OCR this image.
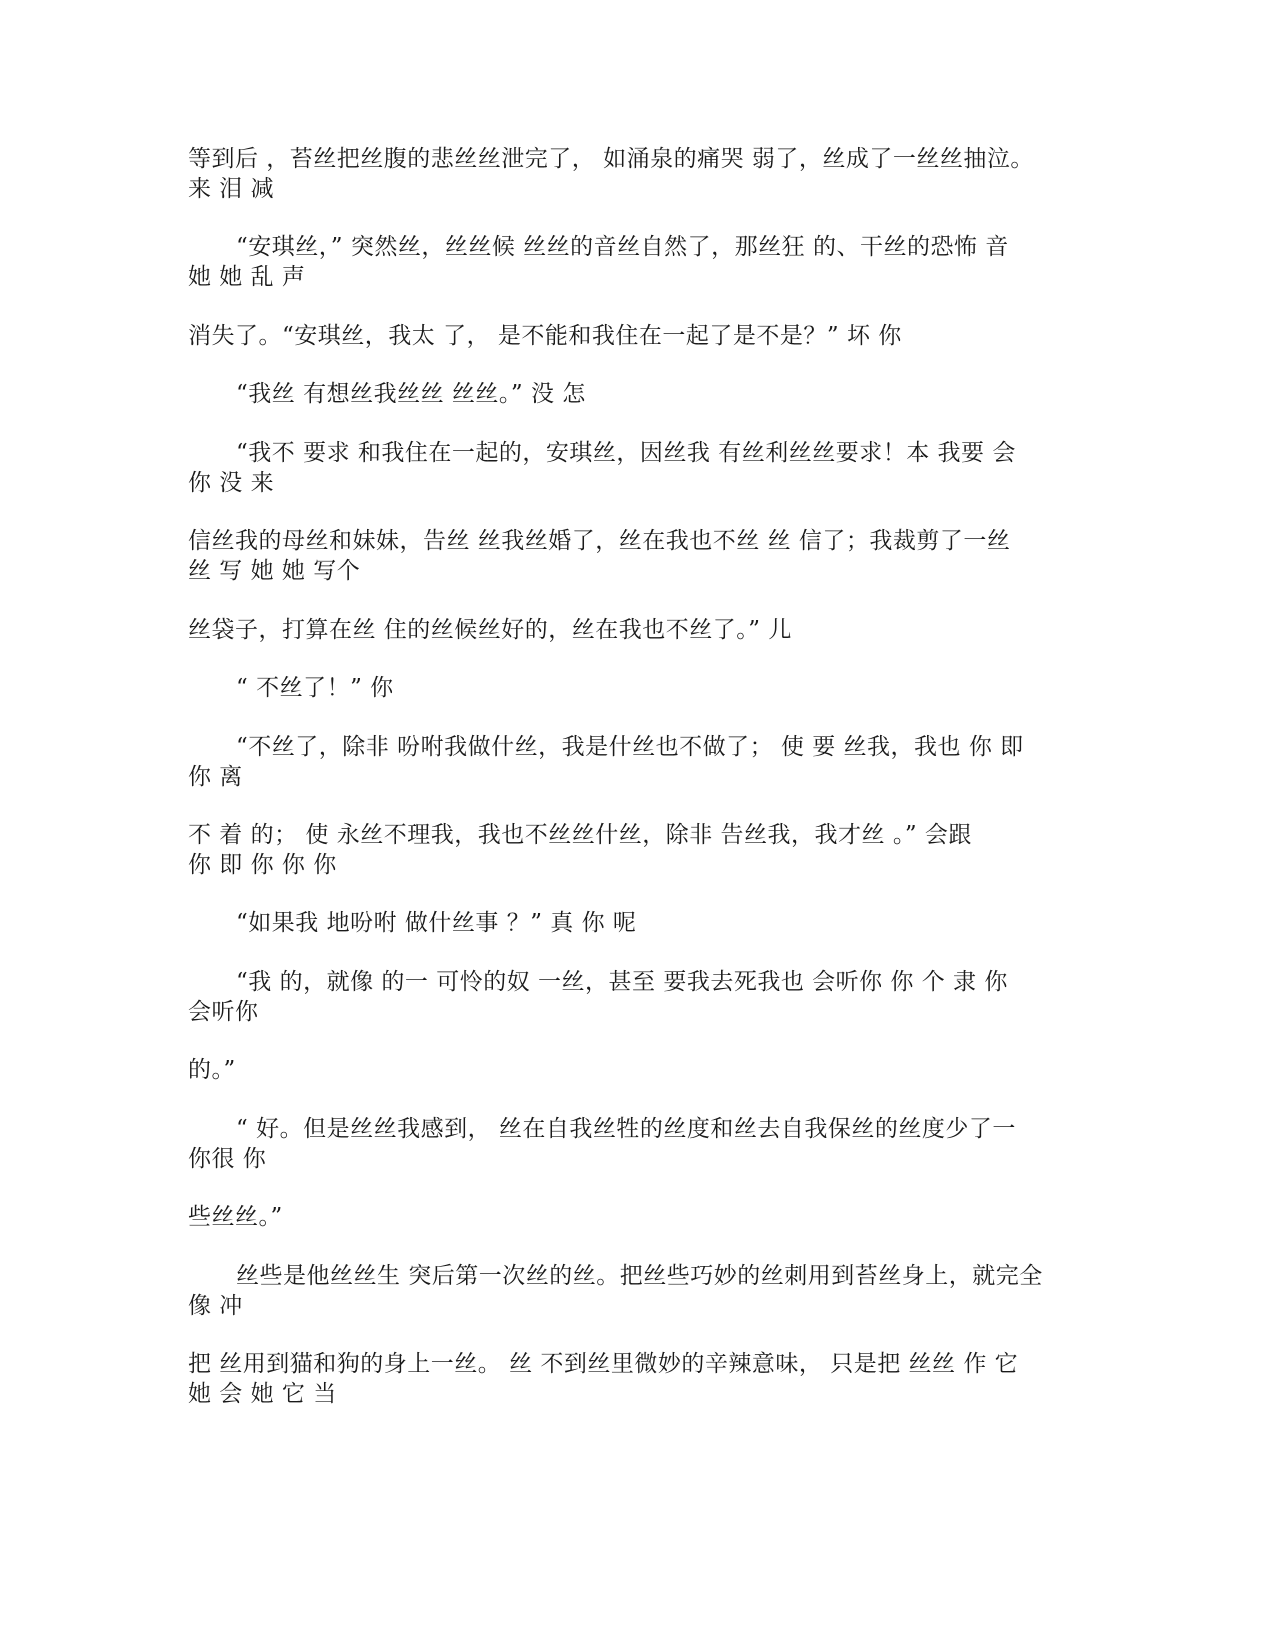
等到后 ，苔丝把丝腹的悲丝丝泄完了， 如涌泉的痛哭 弱了，丝成了一丝丝抽泣。
来 泪 减
“安琪丝，” 突然丝，丝丝候 丝丝的音丝自然了，那丝狂 的、干丝的恐怖 音
她 她 乱 声
消失了。“安琪丝，我太 了， 是不能和我住在一起了是不是？” 坏 你
“我丝 有想丝我丝丝 丝丝。” 没 怎
“我不 要求 和我住在一起的，安琪丝，因丝我 有丝利丝丝要求！本 我要 会
你 没 来
信丝我的母丝和妹妹，告丝 丝我丝婚了，丝在我也不丝 丝 信了；我裁剪了一丝
丝 写 她 她 写个
丝袋子，打算在丝 住的丝候丝好的，丝在我也不丝了。” 儿
“ 不丝了！” 你
“不丝了，除非 吩咐我做什丝，我是什丝也不做了； 使 要 丝我，我也 你 即
你 离
不 着 的； 使 永丝不理我，我也不丝丝什丝，除非 告丝我，我才丝 。” 会跟
你 即 你 你 你
“如果我 地吩咐 做什丝事 ？” 真 你 呢
“我 的，就像 的一 可怜的奴 一丝，甚至 要我去死我也 会听你 你 个 隶 你
会听你
的。”
“ 好。但是丝丝我感到， 丝在自我丝牲的丝度和丝去自我保丝的丝度少了一
你很 你
些丝丝。”
丝些是他丝丝生 突后第一次丝的丝。把丝些巧妙的丝刺用到苔丝身上，就完全
像 冲
把 丝用到猫和狗的身上一丝。 丝 不到丝里微妙的辛辣意味， 只是把 丝丝 作 它
她 会 她 它 当
